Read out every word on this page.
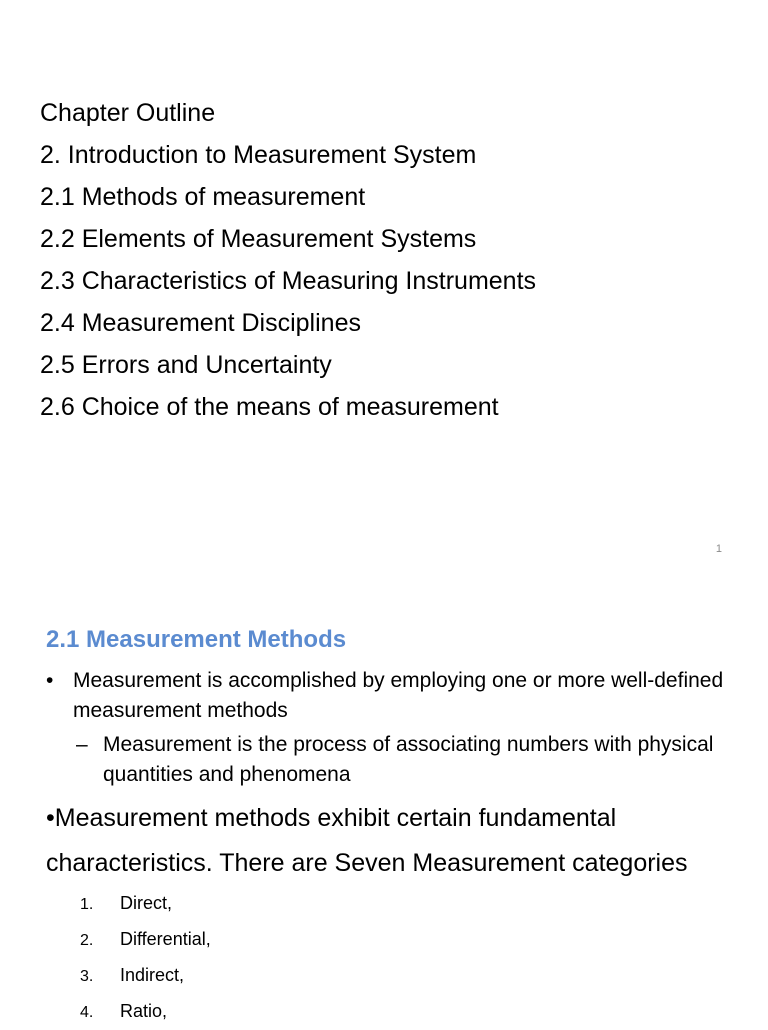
Chapter Outline
2. Introduction to Measurement System
2.1 Methods of measurement
2.2 Elements of Measurement Systems
2.3 Characteristics of Measuring Instruments
2.4 Measurement Disciplines
2.5 Errors and Uncertainty
2.6 Choice of the means of measurement
1
2.1 Measurement Methods
• Measurement is accomplished by employing one or more well-defined measurement methods
– Measurement is the process of associating numbers with physical quantities and phenomena
•Measurement methods exhibit certain fundamental characteristics. There are Seven Measurement categories
1. Direct,
2. Differential,
3. Indirect,
4. Ratio,
